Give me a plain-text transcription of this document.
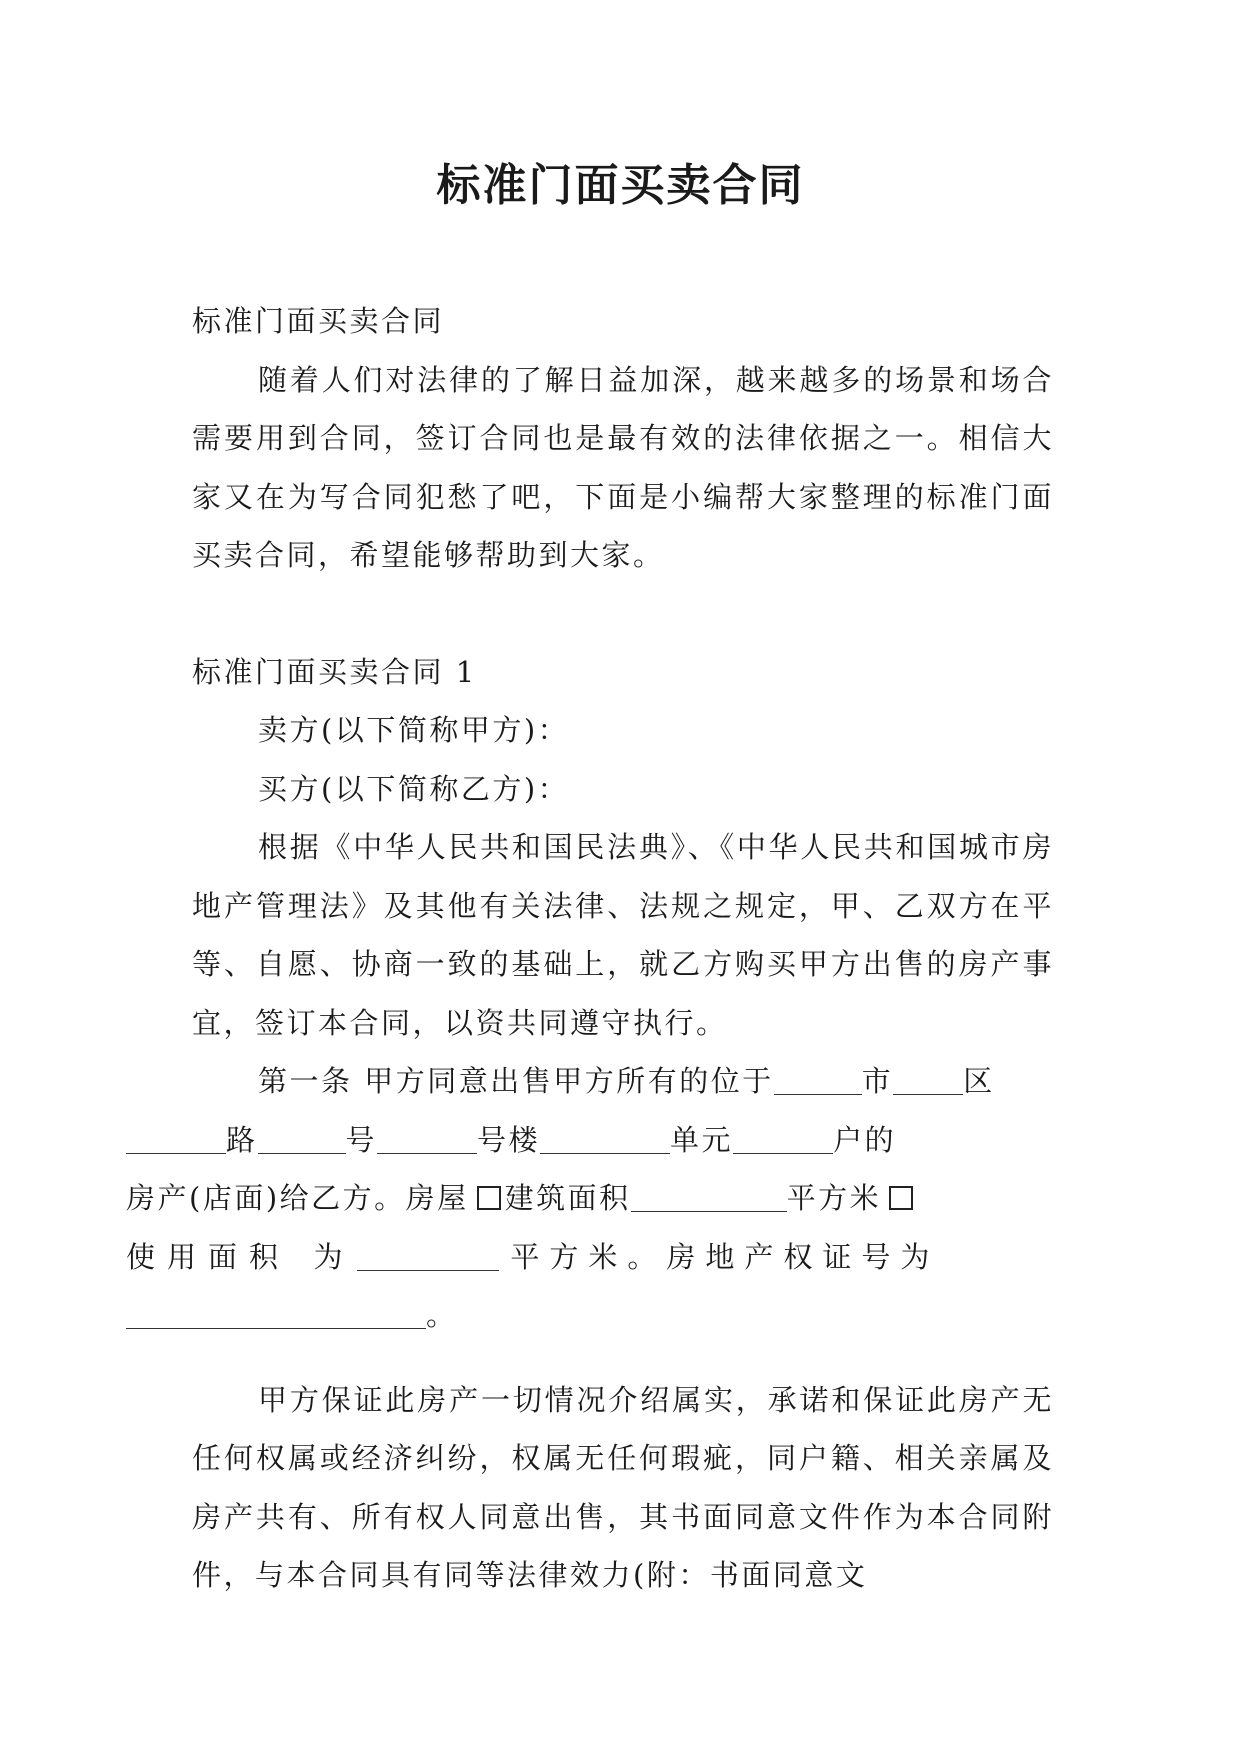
标准门面买卖合同

标准门面买卖合同

随着人们对法律的了解日益加深，越来越多的场景和场合需要用到合同，签订合同也是最有效的法律依据之一。相信大家又在为写合同犯愁了吧，下面是小编帮大家整理的标准门面买卖合同，希望能够帮助到大家。

标准门面买卖合同 1

卖方(以下简称甲方)：

买方(以下简称乙方)：

根据《中华人民共和国民法典》、《中华人民共和国城市房地产管理法》及其他有关法律、法规之规定，甲、乙双方在平等、自愿、协商一致的基础上，就乙方购买甲方出售的房产事宜，签订本合同，以资共同遵守执行。

第一条 甲方同意出售甲方所有的位于	市 区
路	号	号楼	单元	户的
房产(店面)给乙方。房屋 建筑面积	平方米
使用面积 为	平方米。房地产权证号为
。

甲方保证此房产一切情况介绍属实，承诺和保证此房产无任何权属或经济纠纷，权属无任何瑕疵，同户籍、相关亲属及房产共有、所有权人同意出售，其书面同意文件作为本合同附件，与本合同具有同等法律效力(附：书面同意文
